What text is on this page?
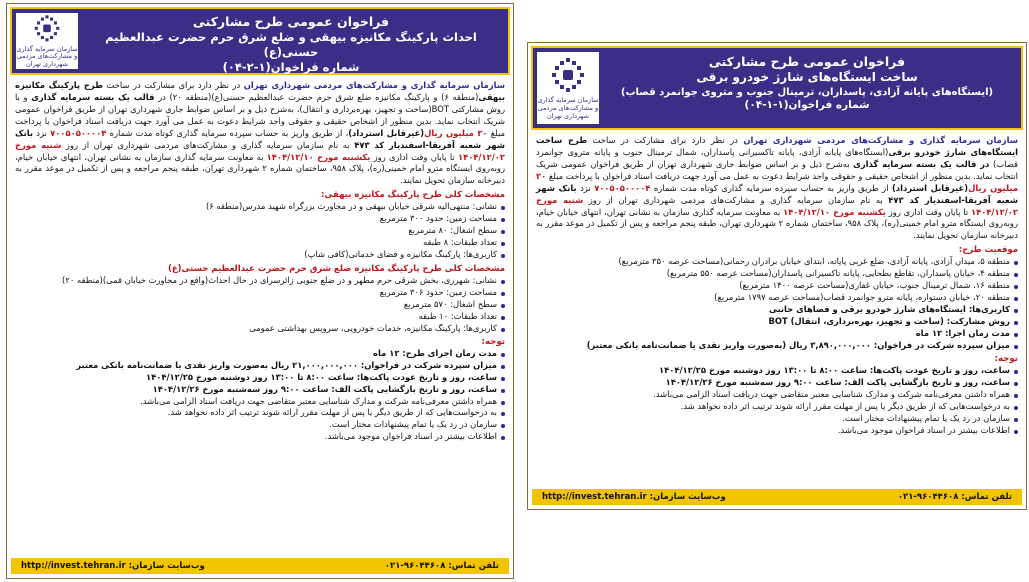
سازمان سرمایه گذاری و مشارکت‌های مردمی شهرداری تهران
فراخوان عمومی طرح مشارکتی
احداث پارکینگ مکانیزه بیهقی و ضلع شرق حرم حضرت عبدالعظیم حسنی(ع)
شماره فراخوان(۱-۲-۰۴)

سازمان سرمایه گذاری و مشارکت‌های مردمی شهرداری تهران در نظر دارد برای مشارکت در ساخت طرح پارکینگ مکانیزه بیهقی(منطقه ۶) و پارکینگ مکانیزه ضلع شرق حرم حضرت عبدالعظیم حسنی(ع)(منطقه ۲۰) در قالب یک بسته سرمایه گذاری و با روش مشارکتی BOT(ساخت و تجهیز، بهره‌برداری و انتقال)، به‌شرح ذیل و بر اساس ضوابط جاری شهرداری تهران از طریق فراخوان عمومی شریک انتخاب نماید. بدین منظور از اشخاص حقیقی و حقوقی واجد شرایط دعوت به عمل می آورد جهت دریافت اسناد فراخوان با پرداخت مبلغ ۲۰ میلیون ریال(غیرقابل استرداد)، از طریق واریز به حساب سپرده سرمایه گذاری کوتاه مدت شماره ۷۰۰۵۰۵۰۰۰۰۴ نزد بانک شهر شعبه آفریقا-اسفندیار کد ۴۷۳ به نام سازمان سرمایه گذاری و مشارکت‌های مردمی شهرداری تهران از روز شنبه مورخ ۱۴۰۴/۱۲/۰۲ تا پایان وقت اداری روز یکشنبه مورخ ۱۴۰۴/۱۲/۱۰ به معاونت سرمایه گذاری سازمان به نشانی تهران، انتهای خیابان خیام، روبه‌روی ایستگاه مترو امام خمینی(ره)، پلاک ۹۵۸، ساختمان شماره ۲ شهرداری تهران، طبقه پنجم مراجعه و پس از تکمیل در موعد مقرر به دبیرخانه سازمان تحویل نمایند.

مشخصات کلی طرح پارکینگ مکانیزه بیهقی:
نشانی: منتهی‌الیه شرقی خیابان بیهقی و در مجاورت بزرگراه شهید مدرس(منطقه ۶)
مساحت زمین: حدود ۳۰۰ مترمربع
سطح اشغال: ۸۰ مترمربع
تعداد طبقات: ۸ طبقه
کاربری‌ها: پارکینگ مکانیزه و فضای خدماتی(کافی شاپ)
مشخصات کلی طرح پارکینگ مکانیزه ضلع شرق حرم حضرت عبدالعظیم حسنی(ع)
نشانی: شهرری، بخش شرقی حرم مطهر و در ضلع جنوبی زائرسرای در حال احداث(واقع در مجاورت خیابان قمی)(منطقه ۲۰)
مساحت زمین: حدود ۳۰۶ مترمربع
سطح اشغال: ۵۷۰ مترمربع
تعداد طبقات: ۱۰ طبقه
کاربری‌ها: پارکینگ مکانیزه، خدمات خودرویی، سرویس بهداشتی عمومی
توجه:
مدت زمان اجرای طرح: ۱۲ ماه
میزان سپرده شرکت در فراخوان: ۲۱,۰۰۰,۰۰۰,۰۰۰ ریال به‌صورت واریز نقدی یا ضمانت‌نامه بانکی معتبر
ساعت، روز و تاریخ عودت پاکت‌ها: ساعت ۸:۰۰ تا ۱۳:۰۰ روز دوشنبه مورخ ۱۴۰۴/۱۲/۲۵
ساعت، روز و تاریخ بازگشایی پاکت الف: ساعت ۹:۰۰ روز سه‌شنبه مورخ ۱۴۰۴/۱۲/۲۶
همراه داشتن معرفی‌نامه شرکت و مدارک شناسایی معتبر متقاضی جهت دریافت اسناد الزامی می‌باشد.
به درخواست‌هایی که از طریق دیگر یا پس از مهلت مقرر ارائه شوند ترتیب اثر داده نخواهد شد.
سازمان در رد یک یا تمام پیشنهادات مختار است.
اطلاعات بیشتر در اسناد فراخوان موجود می‌باشد.
تلفن تماس: ۹۶۰۴۴۶۰۸-۰۲۱
وب‌سایت سازمان: http://invest.tehran.ir
سازمان سرمایه گذاری و مشارکت‌های مردمی شهرداری تهران
فراخوان عمومی طرح مشارکتی
ساخت ایستگاه‌های شارژ خودرو برقی
(ایستگاه‌های پایانه آزادی، پاسداران، ترمینال جنوب و متروی جوانمرد قصاب)
شماره فراخوان(۱-۱-۰۴)

سازمان سرمایه گذاری و مشارکت‌های مردمی شهرداری تهران در نظر دارد برای مشارکت در ساخت طرح ساخت ایستگاه‌های شارژ خودرو برقی(ایستگاه‌های پایانه آزادی، پایانه تاکسیرانی پاسداران، شمال ترمینال جنوب و پایانه متروی جوانمرد قصاب) در قالب یک بسته سرمایه گذاری به‌شرح ذیل و بر اساس ضوابط جاری شهرداری تهران از طریق فراخوان عمومی شریک انتخاب نماید. بدین منظور از اشخاص حقیقی و حقوقی واجد شرایط دعوت به عمل می آورد جهت دریافت اسناد فراخوان با پرداخت مبلغ ۲۰ میلیون ریال(غیرقابل استرداد) از طریق واریز به حساب سپرده سرمایه گذاری کوتاه مدت شماره ۷۰۰۵۰۵۰۰۰۰۴ نزد بانک شهر شعبه آفریقا-اسفندیار کد ۴۷۳ به نام سازمان سرمایه گذاری و مشارکت‌های مردمی شهرداری تهران از روز شنبه مورخ ۱۴۰۴/۱۲/۰۲ تا پایان وقت اداری روز یکشنبه مورخ ۱۴۰۴/۱۲/۱۰ به معاونت سرمایه گذاری سازمان به نشانی تهران، انتهای خیابان خیام، روبه‌روی ایستگاه مترو امام خمینی(ره)، پلاک ۹۵۸، ساختمان شماره ۲ شهرداری تهران، طبقه پنجم مراجعه و پس از تکمیل در موعد مقرر به دبیرخانه سازمان تحویل نمایند.

موقعیت طرح:
منطقه ۵، میدان آزادی، پایانه آزادی، ضلع غربی پایانه، ابتدای خیابان برادران رحمانی(مساحت عرصه ۳۵۰ مترمربع)
منطقه ۴، خیابان پاسداران، تقاطع بطحایی، پایانه تاکسیرانی پاسداران(مساحت عرصه ۵۵۰ مترمربع)
منطقه ۱۶، شمال ترمینال جنوب، خیابان غفاری(مساحت عرصه ۱۴۰۰ مترمربع)
منطقه ۲۰، خیابان دستواره، پایانه مترو جوانمرد قصاب(مساحت عرصه ۱۷۹۷ مترمربع)
کاربری‌ها: ایستگاه‌های شارژ خودرو برقی و فضاهای جانبی
روش مشارکت: (ساخت و تجهیز، بهره‌برداری، انتقال) BOT
مدت زمان اجرا: ۱۲ ماه
میزان سپرده شرکت در فراخوان: ۳,۸۹۰,۰۰۰,۰۰۰ ریال (به‌صورت واریز نقدی یا ضمانت‌نامه بانکی معتبر)
توجه:
ساعت، روز و تاریخ عودت پاکت‌ها: ساعت ۸:۰۰ تا ۱۳:۰۰ روز دوشنبه مورخ ۱۴۰۴/۱۲/۲۵
ساعت، روز و تاریخ بازگشایی پاکت الف: ساعت ۹:۰۰ روز سه‌شنبه مورخ ۱۴۰۴/۱۲/۲۶
همراه داشتن معرفی‌نامه شرکت و مدارک شناسایی معتبر متقاضی جهت دریافت اسناد الزامی می‌باشد.
به درخواست‌هایی که از طریق دیگر یا پس از مهلت مقرر ارائه شوند ترتیب اثر داده نخواهد شد.
سازمان در رد یک یا تمام پیشنهادات مختار است.
اطلاعات بیشتر در اسناد فراخوان موجود می‌باشد.
تلفن تماس: ۹۶۰۴۴۶۰۸-۰۲۱
وب‌سایت سازمان: http://invest.tehran.ir
